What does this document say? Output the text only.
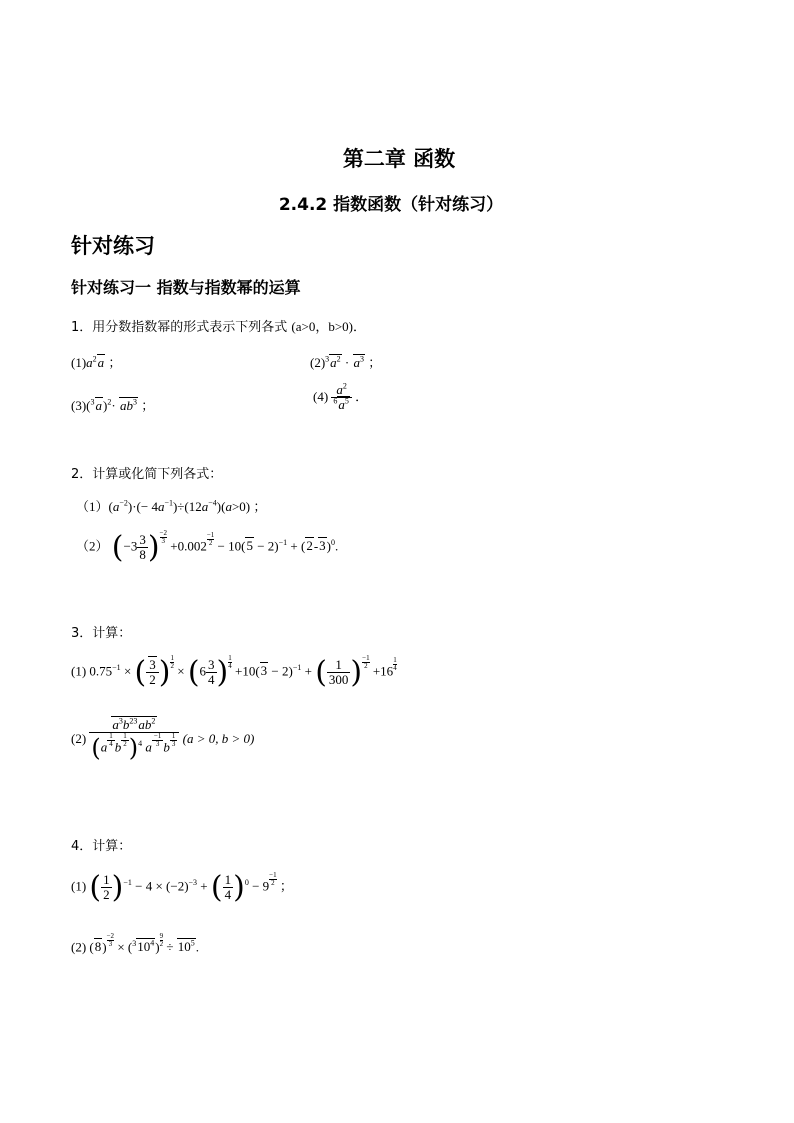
第二章 函数
2.4.2 指数函数（针对练习）
针对练习
针对练习一 指数与指数幂的运算
1．用分数指数幂的形式表示下列各式 (a>0，b>0)．
$(1)a^2a$ ；	$(2)^3a^2 \cdot a^3$ ；
$(3)(^3a)^2\cdot ab^3$ ；
$(4) \frac{a^2}{^6a^5}$ ．
2．计算或化简下列各式：
$(1)(a^{-2})\cdot(- 4a^{-1})\div(12a^{-4})(a>0)$ ；
（2） ($-3 \frac{3}{8}$ ) $\frac{-2}{3}$
$+0.002 \frac{-1}{2} - 10(5 - 2)^{-1} + (2-3)^0$.
3．计算：
(1) $0.75^{-1}$ × ( $\frac{3}{2}$ ) $\frac{1}{2}$
× ($6 \frac{3}{4}$ ) $\frac{1}{4}$
$+10(3 - 2)^{-1}$ + ( $\frac{1}{300}$ ) $\frac{-1}{2}$
$+16 \frac{1}{4}$
$(2) \frac{a^3b^{23}ab^2}{(a \frac{1}{4} b \frac{1}{2} )^4 a \frac{-1}{3} b \frac{1}{3}} (a > 0$, b > 0)
4．计算：
(1) ( $\frac{1}{2} )^{-1} - 4 \times (-2)^{-3}$ + ( $\frac{1}{4} )^0 - 9 \frac{-1}{2}$ ；
(2) $(8) \frac{-2}{3} \times (^310^4) \frac{9}{2} \div 10^5$.
